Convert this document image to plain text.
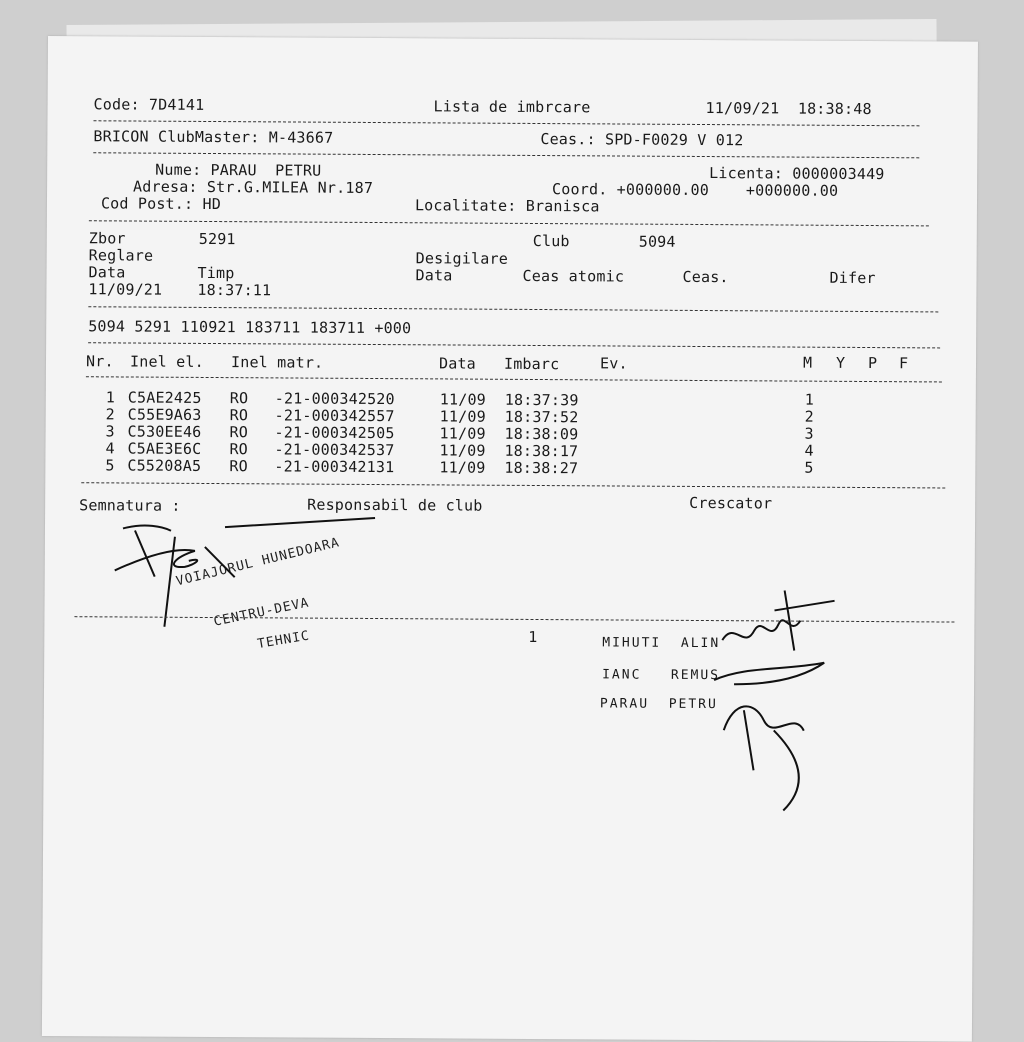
Code: 7D4141	Lista de imbrcare	11/09/21  18:38:48
BRICON ClubMaster: M-43667	Ceas.: SPD-F0029 V 012
Nume: PARAU  PETRU	Licenta: 0000003449
Adresa: Str.G.MILEA Nr.187	Coord. +000000.00    +000000.00
Cod Post.: HD	Localitate: Branisca
Zbor	5291	Club	5094
Reglare	Desigilare
Data	Timp	Data	Ceas atomic	Ceas.	Difer
11/09/21 18:37:11
5094 5291 110921 183711 183711 +000
Nr. Inel el. Inel matr.	Data Imbarc	Ev.	M Y P F
1 C5AE2425 RO -21-000342520	11/09 18:37:39	1
2 C55E9A63 RO -21-000342557	11/09 18:37:52	2
3 C530EE46 RO -21-000342505	11/09 18:38:09	3
4 C5AE3E6C RO -21-000342537	11/09 18:38:17	4
5 C55208A5 RO -21-000342131	11/09 18:38:27	5
Semnatura :	Responsabil de club	Crescator
VOIAJORUL HUNEDOARA
CENTRU-DEVA
TEHNIC	1	MIHUTI  ALIN
IANC   REMUS
PARAU  PETRU
